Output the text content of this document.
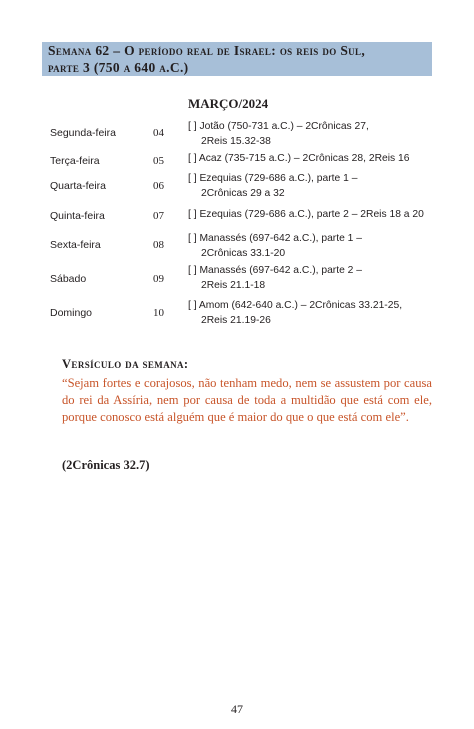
Semana 62 – O período real de Israel: os reis do Sul,
parte 3 (750 a 640 a.C.)
MARÇO/2024
Segunda-feira	04
[ ] Jotão (750-731 a.C.) – 2Crônicas 27,
2Reis 15.32-38
Terça-feira	05 [ ] Acaz (735-715 a.C.) – 2Crônicas 28, 2Reis 16
Quarta-feira	06
[ ] Ezequias (729-686 a.C.), parte 1 –
2Crônicas 29 a 32
Quinta-feira	07 [ ] Ezequias (729-686 a.C.), parte 2 – 2Reis 18 a 20
Sexta-feira	08
[ ] Manassés (697-642 a.C.), parte 1 –
2Crônicas 33.1-20
Sábado	09
[ ] Manassés (697-642 a.C.), parte 2 –
2Reis 21.1-18
Domingo	10
[ ] Amom (642-640 a.C.) – 2Crônicas 33.21-25,
2Reis 21.19-26
Versículo da semana:
“Sejam fortes e corajosos, não tenham medo, nem se assustem por causa do rei da Assíria, nem por causa de toda a multidão que está com ele, porque conosco está alguém que é maior do que o que está com ele”.
(2Crônicas 32.7)
47
